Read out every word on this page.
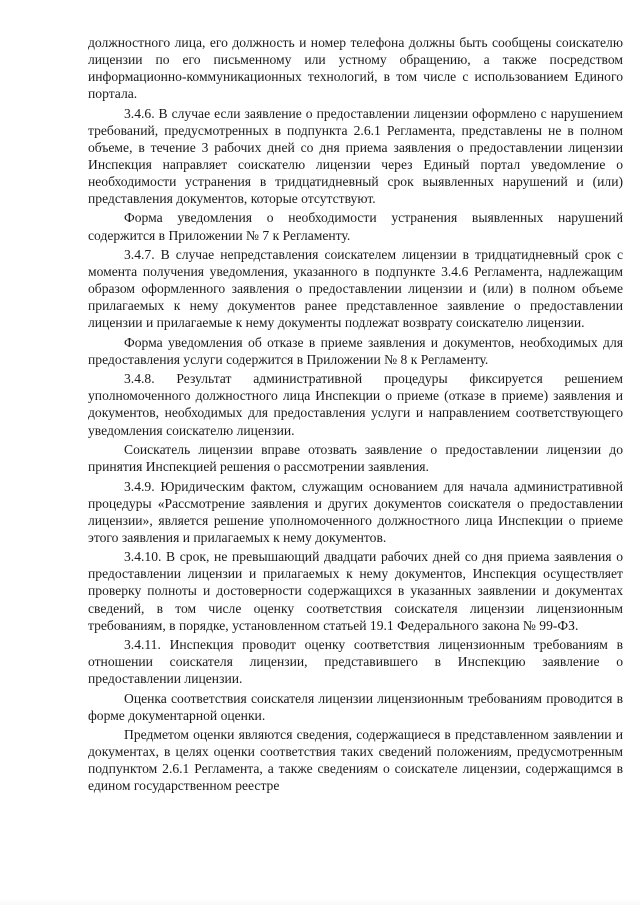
должностного лица, его должность и номер телефона должны быть сообщены соискателю лицензии по его письменному или устному обращению, а также посредством информационно-коммуникационных технологий, в том числе с использованием Единого портала.

3.4.6. В случае если заявление о предоставлении лицензии оформлено с нарушением требований, предусмотренных в подпункта 2.6.1 Регламента, представлены не в полном объеме, в течение 3 рабочих дней со дня приема заявления о предоставлении лицензии Инспекция направляет соискателю лицензии через Единый портал уведомление о необходимости устранения в тридцатидневный срок выявленных нарушений и (или) представления документов, которые отсутствуют.

Форма уведомления о необходимости устранения выявленных нарушений содержится в Приложении № 7 к Регламенту.

3.4.7. В случае непредставления соискателем лицензии в тридцатидневный срок с момента получения уведомления, указанного в подпункте 3.4.6 Регламента, надлежащим образом оформленного заявления о предоставлении лицензии и (или) в полном объеме прилагаемых к нему документов ранее представленное заявление о предоставлении лицензии и прилагаемые к нему документы подлежат возврату соискателю лицензии.

Форма уведомления об отказе в приеме заявления и документов, необходимых для предоставления услуги содержится в Приложении № 8 к Регламенту.

3.4.8. Результат административной процедуры фиксируется решением уполномоченного должностного лица Инспекции о приеме (отказе в приеме) заявления и документов, необходимых для предоставления услуги и направлением соответствующего уведомления соискателю лицензии.

Соискатель лицензии вправе отозвать заявление о предоставлении лицензии до принятия Инспекцией решения о рассмотрении заявления.

3.4.9. Юридическим фактом, служащим основанием для начала административной процедуры «Рассмотрение заявления и других документов соискателя о предоставлении лицензии», является решение уполномоченного должностного лица Инспекции о приеме этого заявления и прилагаемых к нему документов.

3.4.10. В срок, не превышающий двадцати рабочих дней со дня приема заявления о предоставлении лицензии и прилагаемых к нему документов, Инспекция осуществляет проверку полноты и достоверности содержащихся в указанных заявлении и документах сведений, в том числе оценку соответствия соискателя лицензии лицензионным требованиям, в порядке, установленном статьей 19.1 Федерального закона № 99-ФЗ.

3.4.11. Инспекция проводит оценку соответствия лицензионным требованиям в отношении соискателя лицензии, представившего в Инспекцию заявление о предоставлении лицензии.

Оценка соответствия соискателя лицензии лицензионным требованиям проводится в форме документарной оценки.

Предметом оценки являются сведения, содержащиеся в представленном заявлении и документах, в целях оценки соответствия таких сведений положениям, предусмотренным подпунктом 2.6.1 Регламента, а также сведениям о соискателе лицензии, содержащимся в едином государственном реестре
